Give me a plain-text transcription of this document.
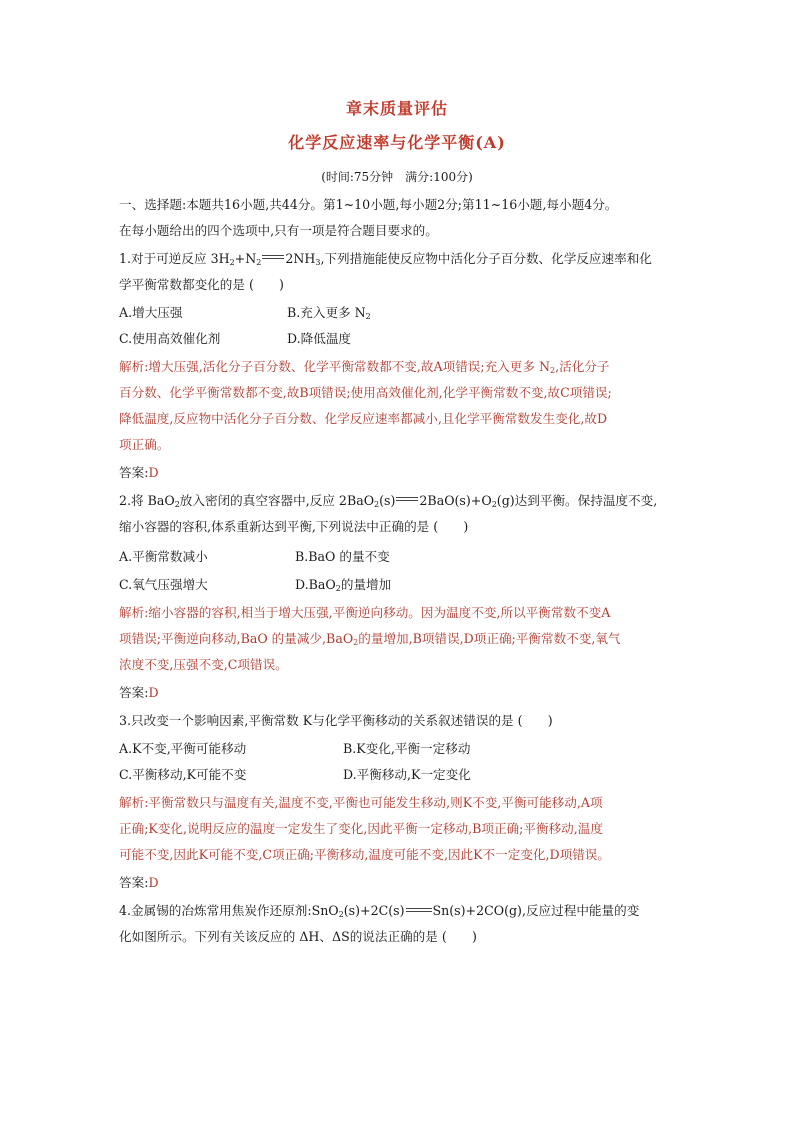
章末质量评估
化学反应速率与化学平衡(A)
(时间:75分钟　满分:100分)
一、选择题:本题共16小题,共44分。第1~10小题,每小题2分;第11~16小题,每小题4分。
在每小题给出的四个选项中,只有一项是符合题目要求的。
1.对于可逆反应 $3H_2+N_2$ $2NH_3$,下列措施能使反应物中活化分子百分数、化学反应速率和化
学平衡常数都变化的是 (　　)
A.增大压强	B.充入更多 $N_2$
C.使用高效催化剂	D.降低温度
解析:增大压强,活化分子百分数、化学平衡常数都不变,故A项错误;充入更多 $N_2$,活化分子
百分数、化学平衡常数都不变,故B项错误;使用高效催化剂,化学平衡常数不变,故C项错误;
降低温度,反应物中活化分子百分数、化学反应速率都减小,且化学平衡常数发生变化,故D
项正确。
答案:D
2.将 BaO$_2$放入密闭的真空容器中,反应 2BaO$_2$(s) $2BaO(s)+O_2(g)$达到平衡。保持温度不变,
缩小容器的容积,体系重新达到平衡,下列说法中正确的是 (　　)
A.平衡常数减小	B.BaO 的量不变
C.氧气压强增大	D.BaO$_2$的量增加
解析:缩小容器的容积,相当于增大压强,平衡逆向移动。因为温度不变,所以平衡常数不变A
项错误;平衡逆向移动,BaO 的量减少,BaO$_2$的量增加,B项错误,D项正确;平衡常数不变,氧气
浓度不变,压强不变,C项错误。
答案:D
3.只改变一个影响因素,平衡常数 K与化学平衡移动的关系叙述错误的是 (　　)
A.K不变,平衡可能移动	B.K变化,平衡一定移动
C.平衡移动,K可能不变	D.平衡移动,K一定变化
解析:平衡常数只与温度有关,温度不变,平衡也可能发生移动,则K不变,平衡可能移动,A项
正确;K变化,说明反应的温度一定发生了变化,因此平衡一定移动,B项正确;平衡移动,温度
可能不变,因此K可能不变,C项正确;平衡移动,温度可能不变,因此K不一定变化,D项错误。
答案:D
4.金属锡的冶炼常用焦炭作还原剂:SnO$_2$(s)+2C(s) Sn(s)+2CO(g),反应过程中能量的变
化如图所示。下列有关该反应的 ΔH、ΔS的说法正确的是 (　　)
